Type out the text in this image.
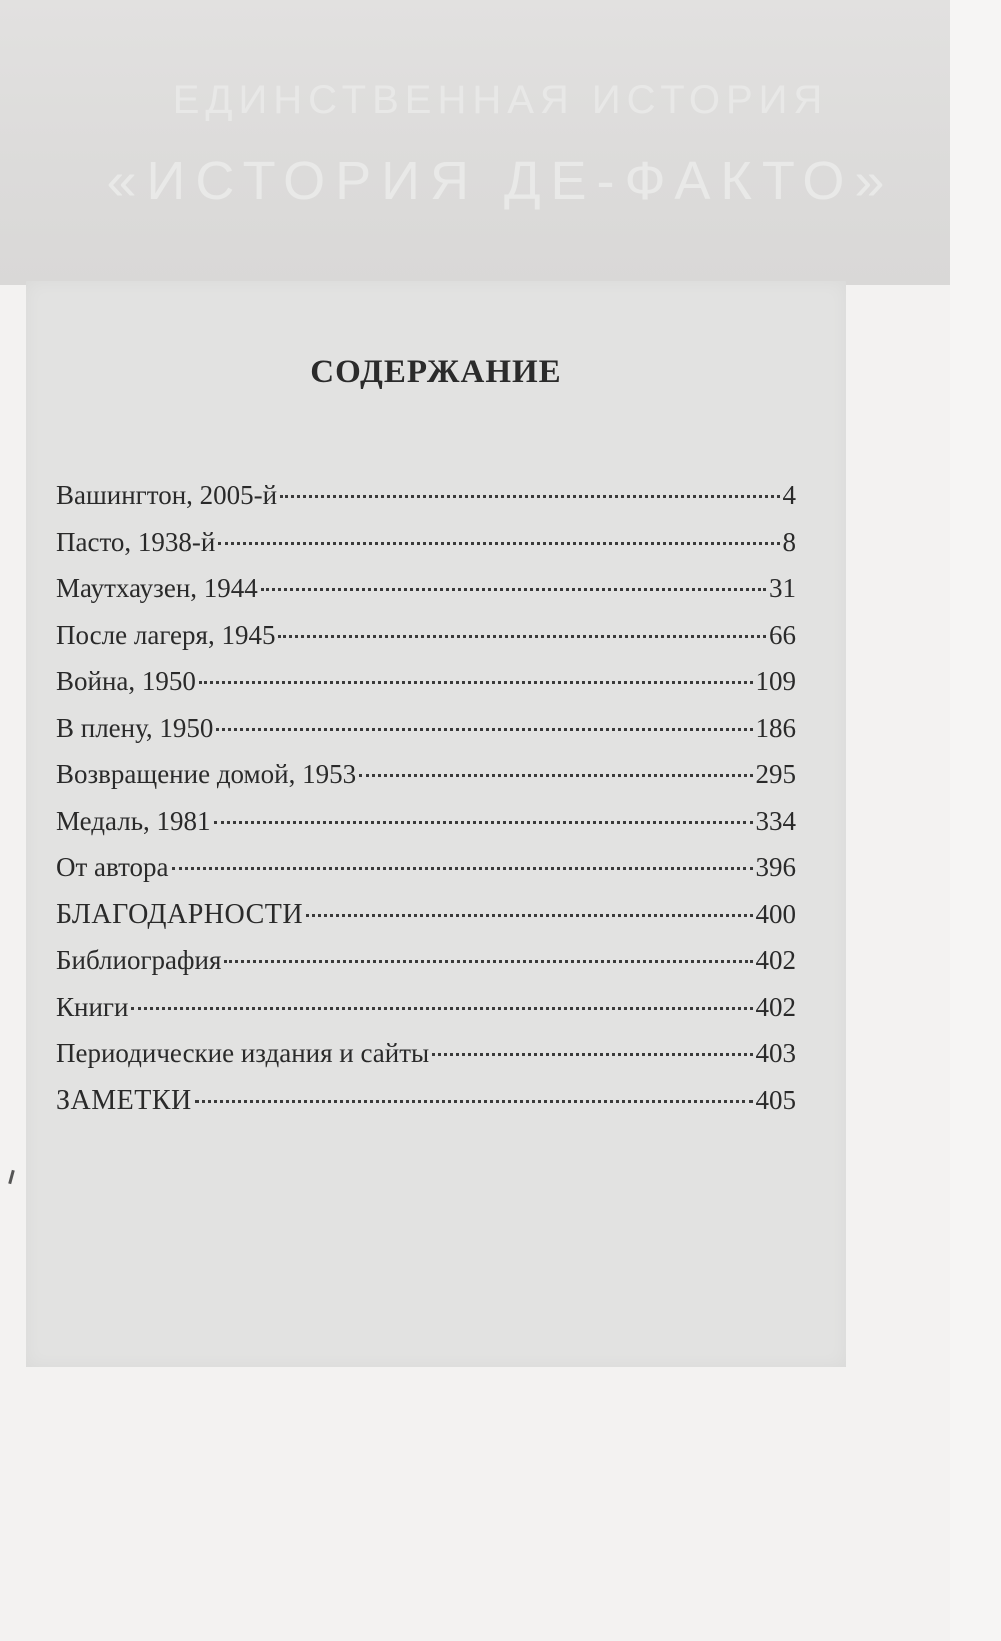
ЕДИНСТВЕННАЯ ИСТОРИЯ
«ИСТОРИЯ ДЕ-ФАКТО»
СОДЕРЖАНИЕ
Вашингтон, 2005-й	4
Пасто, 1938-й	8
Маутхаузен, 1944	31
После лагеря, 1945	66
Война, 1950	109
В плену, 1950	186
Возвращение домой, 1953	295
Медаль, 1981	334
От автора	396
БЛАГОДАРНОСТИ	400
Библиография	402
Книги	402
Периодические издания и сайты	403
ЗАМЕТКИ	405
